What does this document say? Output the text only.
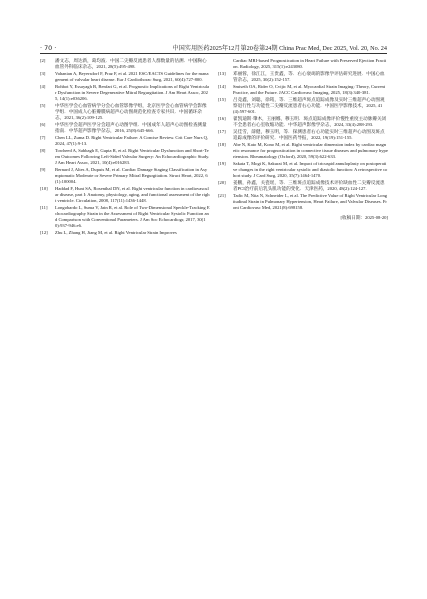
· 70 ·	中国实用医药2025年12月第20卷第24期 China Prac Med, Dec 2025, Vol. 20, No. 24
[2]	潘文志，周达新，葛均波．中国二尖瓣反流患者人群数量的估测．中国胸心血管外科临床杂志，2021, 28(5):495-498.
[3]	Vahanian A, Beyersdorf F, Praz F, et al. 2021 ESC/EACTS Guidelines for the management of valvular heart disease. Eur J Cardiothorac Surg, 2021, 60(4):727-800.
[4]	Bohbot Y, Essayagh B, Benfari G, et al. Prognostic Implications of Right Ventricular Dysfunction in Severe Degenerative Mitral Regurgitation. J Am Heart Assoc, 2025, 14(1):e036206.
[5]	中华医学会心血管病学分会心血管影像学组，北京医学会心血管病学会影像学组．中国成人心脏瓣膜病超声心动图规范化检查专家共识．中国循环杂志，2021, 36(2):109-125.
[6]	中华医学会超声医学分会超声心动图学组．中国成年人超声心动图检查测量指南．中华超声影像学杂志，2016, 25(8):645-666.
[7]	Chen LL, Zuma D. Right Ventricular Failure: A Concise Review. Crit Care Nurs Q, 2024, 47(1):9-13.
[8]	Towheed A, Sabbagh E, Gupta R, et al. Right Ventricular Dysfunction and Short-Term Outcomes Following Left-Sided Valvular Surgery: An Echocardiographic Study. J Am Heart Assoc, 2021, 10(4):e016283.
[9]	Bernard J, Altes A, Dupuis M, et al. Cardiac Damage Staging Classification in Asymptomatic Moderate or Severe Primary Mitral Regurgitation. Struct Heart, 2022, 6(1):100004.
[10]	Haddad F, Hunt SA, Rosenthal DN, et al. Right ventricular function in cardiovascular disease, part I: Anatomy, physiology, aging, and functional assessment of the right ventricle. Circulation, 2008, 117(11):1436-1448.
[11]	Longobardo L, Suma V, Jain R, et al. Role of Two-Dimensional Speckle-Tracking Echocardiography Strain in the Assessment of Right Ventricular Systolic Function and Comparison with Conventional Parameters. J Am Soc Echocardiogr, 2017, 30(10):937-946.e6.
[12]	Zhu L, Zhang H, Jiang M, et al. Right Ventricular Strain Improves
Cardiac MRI-based Prognostication in Heart Failure with Preserved Ejection Fraction. Radiology, 2025, 315(1):e243080.
[13]	邓丽蓉，徐江江，王贵鑫，等．右心衰竭的影像学评估研究进展．中国心血管杂志，2025, 30(2):152-157.
[14]	Smiseth OA, Rider O, Cvijic M, et al. Myocardial Strain Imaging: Theory, Current Practice, and the Future. JACC Cardiovasc Imaging, 2025, 18(3):340-381.
[15]	吕竞鑫，刘聪，徐筠，等．三维超声斑点追踪成像及实时三维超声心动图观察退行性与功能性二尖瓣反流患者右心功能．中国医学影像技术，2025, 41(4):597-601.
[16]	翟凯迪斯·肇木，王丽娜，穆玉明．斑点追踪成像评价慢性重度主动脉瓣关闭不全患者右心室收缩功能．中华超声影像学杂志，2024, 33(4):288-293.
[17]	吴佳雪，薛健，穆玉明，等．探测患者右心功能实时三维超声心动图及斑点追踪成像的评价研究．中国医药导报，2022, 19(19):151-155.
[18]	Abe N, Kato M, Kono M, et al. Right ventricular dimension index by cardiac magnetic resonance for prognostication in connective tissue diseases and pulmonary hypertension. Rheumatology (Oxford), 2020, 59(3):622-633.
[19]	Sakata T, Mogi K, Sakurai M, et al. Impact of tricuspid annuloplasty on postoperative changes in the right ventricular systolic and diastolic function: A retrospective cohort study. J Card Surg, 2020, 35(7):1464-1470.
[20]	姜鹏，孙鑫，关瓷瑶，等．三维斑点追踪成像技术评价缺血性二尖瓣反流患者PCI治疗前后乳头肌功能的变化．天津医药，2020, 48(2):124-127.
[21]	Tadic M, Nita N, Schneider L, et al. The Predictive Value of Right Ventricular Longitudinal Strain in Pulmonary Hypertension, Heart Failure, and Valvular Diseases. Front Cardiovasc Med, 2021(8):698158.
[收稿日期：2025-08-20]
